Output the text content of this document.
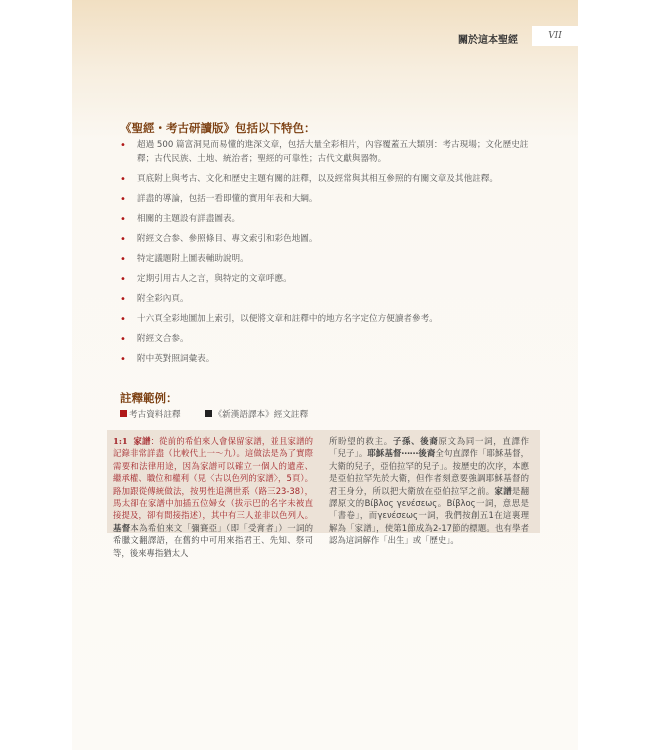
關於這本聖經	VII
《聖經・考古研讀版》包括以下特色：
• 超過 500 篇富洞見而易懂的進深文章，包括大量全彩相片，內容覆蓋五大類別：考古現場；文化歷史註釋；古代民族、土地、統治者；聖經的可靠性；古代文獻與器物。
• 頁底附上與考古、文化和歷史主題有關的註釋，以及經常與其相互參照的有關文章及其他註釋。
• 詳盡的導論，包括一看即懂的實用年表和大綱。
• 相關的主題設有詳盡圖表。
• 附經文合参、參照條目、專文索引和彩色地圖。
• 特定議題附上圖表輔助說明。
• 定期引用古人之言，與特定的文章呼應。
• 附全彩內頁。
• 十六頁全彩地圖加上索引，以便將文章和註釋中的地方名字定位方便讀者參考。
• 附經文合参。
• 附中英對照詞彙表。
註釋範例：
考古資料註釋	《新漢語譯本》經文註釋
1:1 家譜：從前的希伯來人會保留家譜，並且家譜的記錄非常詳盡（比較代上一～九）。這做法是為了實際需要和法律用途，因為家譜可以確立一個人的遺產、繼承權、職位和權利（見〈古以色列的家譜〉，5頁）。路加跟從傳統做法，按男性追溯世系（路三23-38），馬太卻在家譜中加插五位婦女（拔示巴的名字未被直接提及，卻有間接指述），其中有三人並非以色列人。基督本為希伯來文「彌賽亞」（即「受膏者」）一詞的希臘文翻譯語，在舊約中可用來指君王、先知、祭司等，後來專指猶太人
所盼望的救主。子孫、後裔原文為同一詞，直譯作「兒子」。耶穌基督⋯⋯後裔全句直譯作「耶穌基督，大衛的兒子，亞伯拉罕的兒子」。按歷史的次序，本應是亞伯拉罕先於大衛，但作者刻意要強調耶穌基督的君王身分，所以把大衛放在亞伯拉罕之前。家譜是翻譯原文的Βίβλος γενέσεως。Βίβλος一詞，意思是「書卷」，而γενέσεως一詞，我們按創五1在這裏理解為「家譜」，使第1節成為2-17節的標題。也有學者認為這詞解作「出生」或「歷史」。
